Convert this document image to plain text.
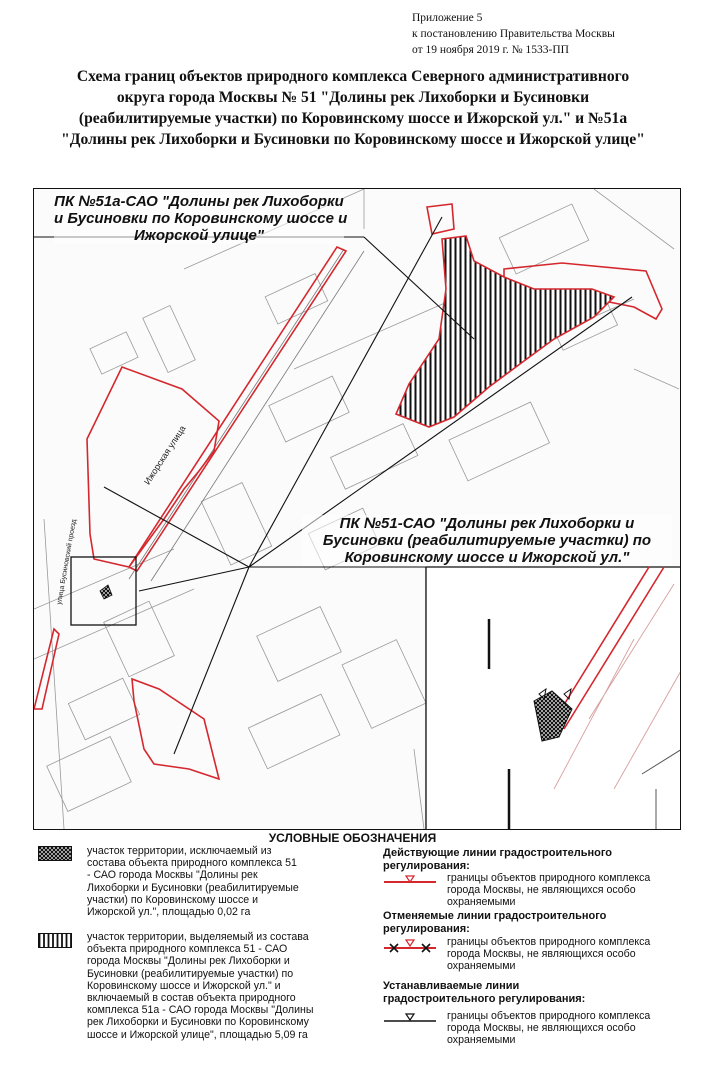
Приложение 5
к постановлению Правительства Москвы
от 19 ноября 2019 г. № 1533-ПП
Схема границ объектов природного комплекса Северного административного
округа города Москвы № 51 "Долины рек Лихоборки и Бусиновки
(реабилитируемые участки) по Коровинскому шоссе и Ижорской ул." и №51а
"Долины рек Лихоборки и Бусиновки по Коровинскому шоссе и Ижорской улице"
ПК №51а-САО "Долины рек Лихоборки
и Бусиновки по Коровинскому шоссе и
Ижорской улице"
ПК №51-САО "Долины рек Лихоборки и
Бусиновки (реабилитируемые участки) по
Коровинскому шоссе и Ижорской ул."
Ижорская улица
улица Бусиновский проезд
УСЛОВНЫЕ ОБОЗНАЧЕНИЯ
участок территории, исключаемый из
состава объекта природного комплекса 51
- САО города Москвы "Долины рек
Лихоборки и Бусиновки (реабилитируемые
участки) по Коровинскому шоссе и
Ижорской ул.", площадью 0,02 га
участок территории, выделяемый из состава
объекта природного комплекса 51 - САО
города Москвы "Долины рек Лихоборки и
Бусиновки (реабилитируемые участки) по
Коровинскому шоссе и Ижорской ул." и
включаемый в состав объекта природного
комплекса 51а - САО города Москвы "Долины
рек Лихоборки и Бусиновки по Коровинскому
шоссе и Ижорской улице", площадью 5,09 га
Действующие линии градостроительного
регулирования:
границы объектов природного комплекса
города Москвы, не являющихся особо
охраняемыми
Отменяемые линии градостроительного
регулирования:
границы объектов природного комплекса
города Москвы, не являющихся особо
охраняемыми
Устанавливаемые линии
градостроительного регулирования:
границы объектов природного комплекса
города Москвы, не являющихся особо
охраняемыми
